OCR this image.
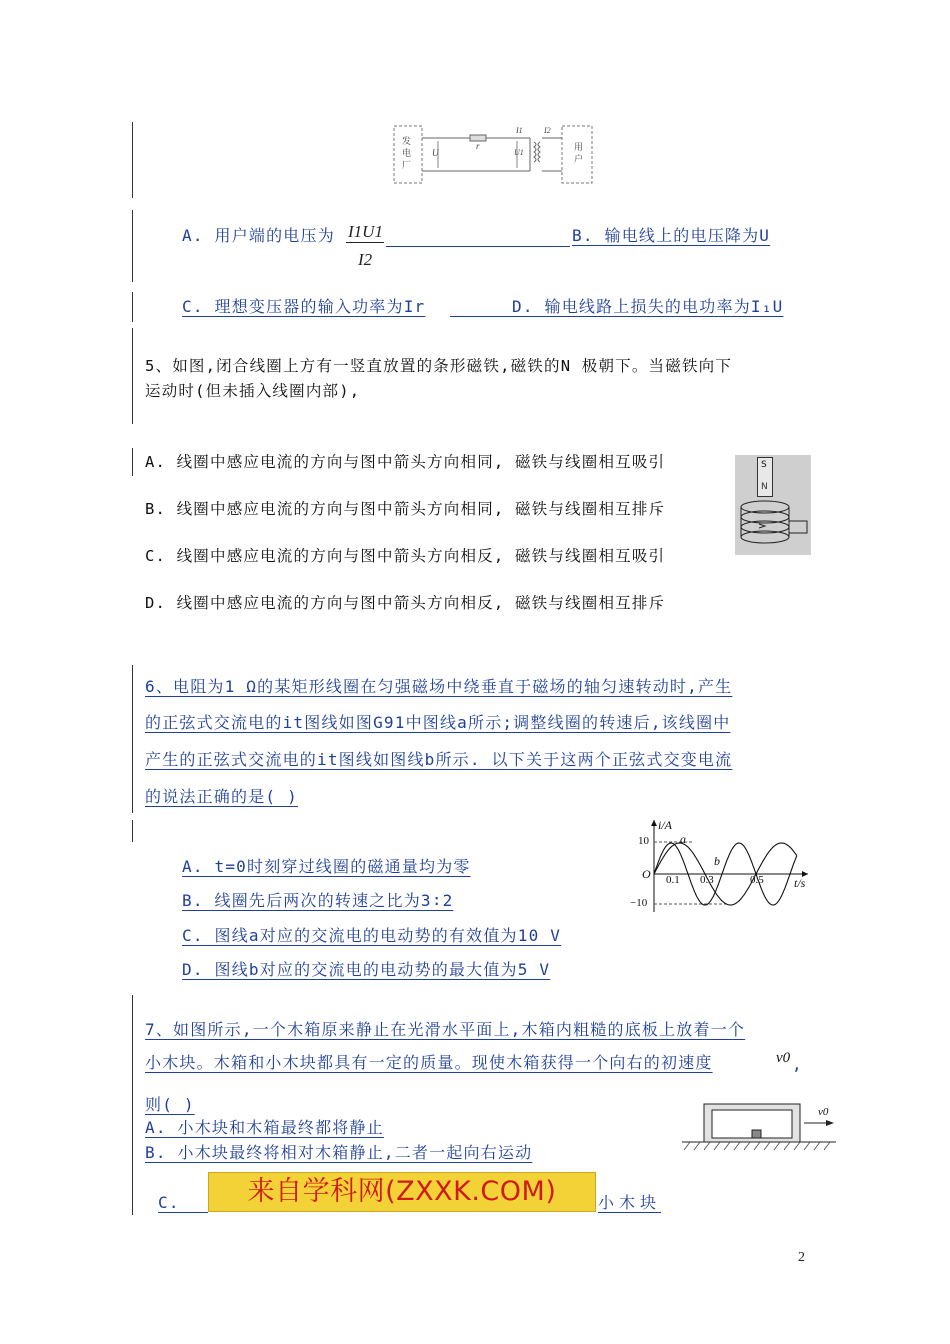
发电厂
用户
r
U	U1
I1	I2
A. 用户端的电压为 I1U1
I2
B. 输电线上的电压降为U
C. 理想变压器的输入功率为Ir	D. 输电线路上损失的电功率为I₁U
5、如图,闭合线圈上方有一竖直放置的条形磁铁,磁铁的N 极朝下。当磁铁向下
运动时(但未插入线圈内部),
A. 线圈中感应电流的方向与图中箭头方向相同, 磁铁与线圈相互吸引
B. 线圈中感应电流的方向与图中箭头方向相同, 磁铁与线圈相互排斥
C. 线圈中感应电流的方向与图中箭头方向相反, 磁铁与线圈相互吸引
D. 线圈中感应电流的方向与图中箭头方向相反, 磁铁与线圈相互排斥
S
N
6、电阻为1 Ω的某矩形线圈在匀强磁场中绕垂直于磁场的轴匀速转动时,产生
的正弦式交流电的it图线如图G91中图线a所示;调整线圈的转速后,该线圈中
产生的正弦式交流电的it图线如图线b所示. 以下关于这两个正弦式交变电流
的说法正确的是( )
A. t=0时刻穿过线圈的磁通量均为零
B. 线圈先后两次的转速之比为3∶2
C. 图线a对应的交流电的电动势的有效值为10 V
D. 图线b对应的交流电的电动势的最大值为5 V
i/A
t/s
O
10
−10
0.1 0.3	0.5
a
b
7、如图所示,一个木箱原来静止在光滑水平面上,木箱内粗糙的底板上放着一个
小木块。木箱和小木块都具有一定的质量。现使木箱获得一个向右的初速度	v0 ,
则( )
A. 小木块和木箱最终都将静止
B. 小木块最终将相对木箱静止,二者一起向右运动
C.	小木块
v0
来自学科网(ZXXK.COM)
2
